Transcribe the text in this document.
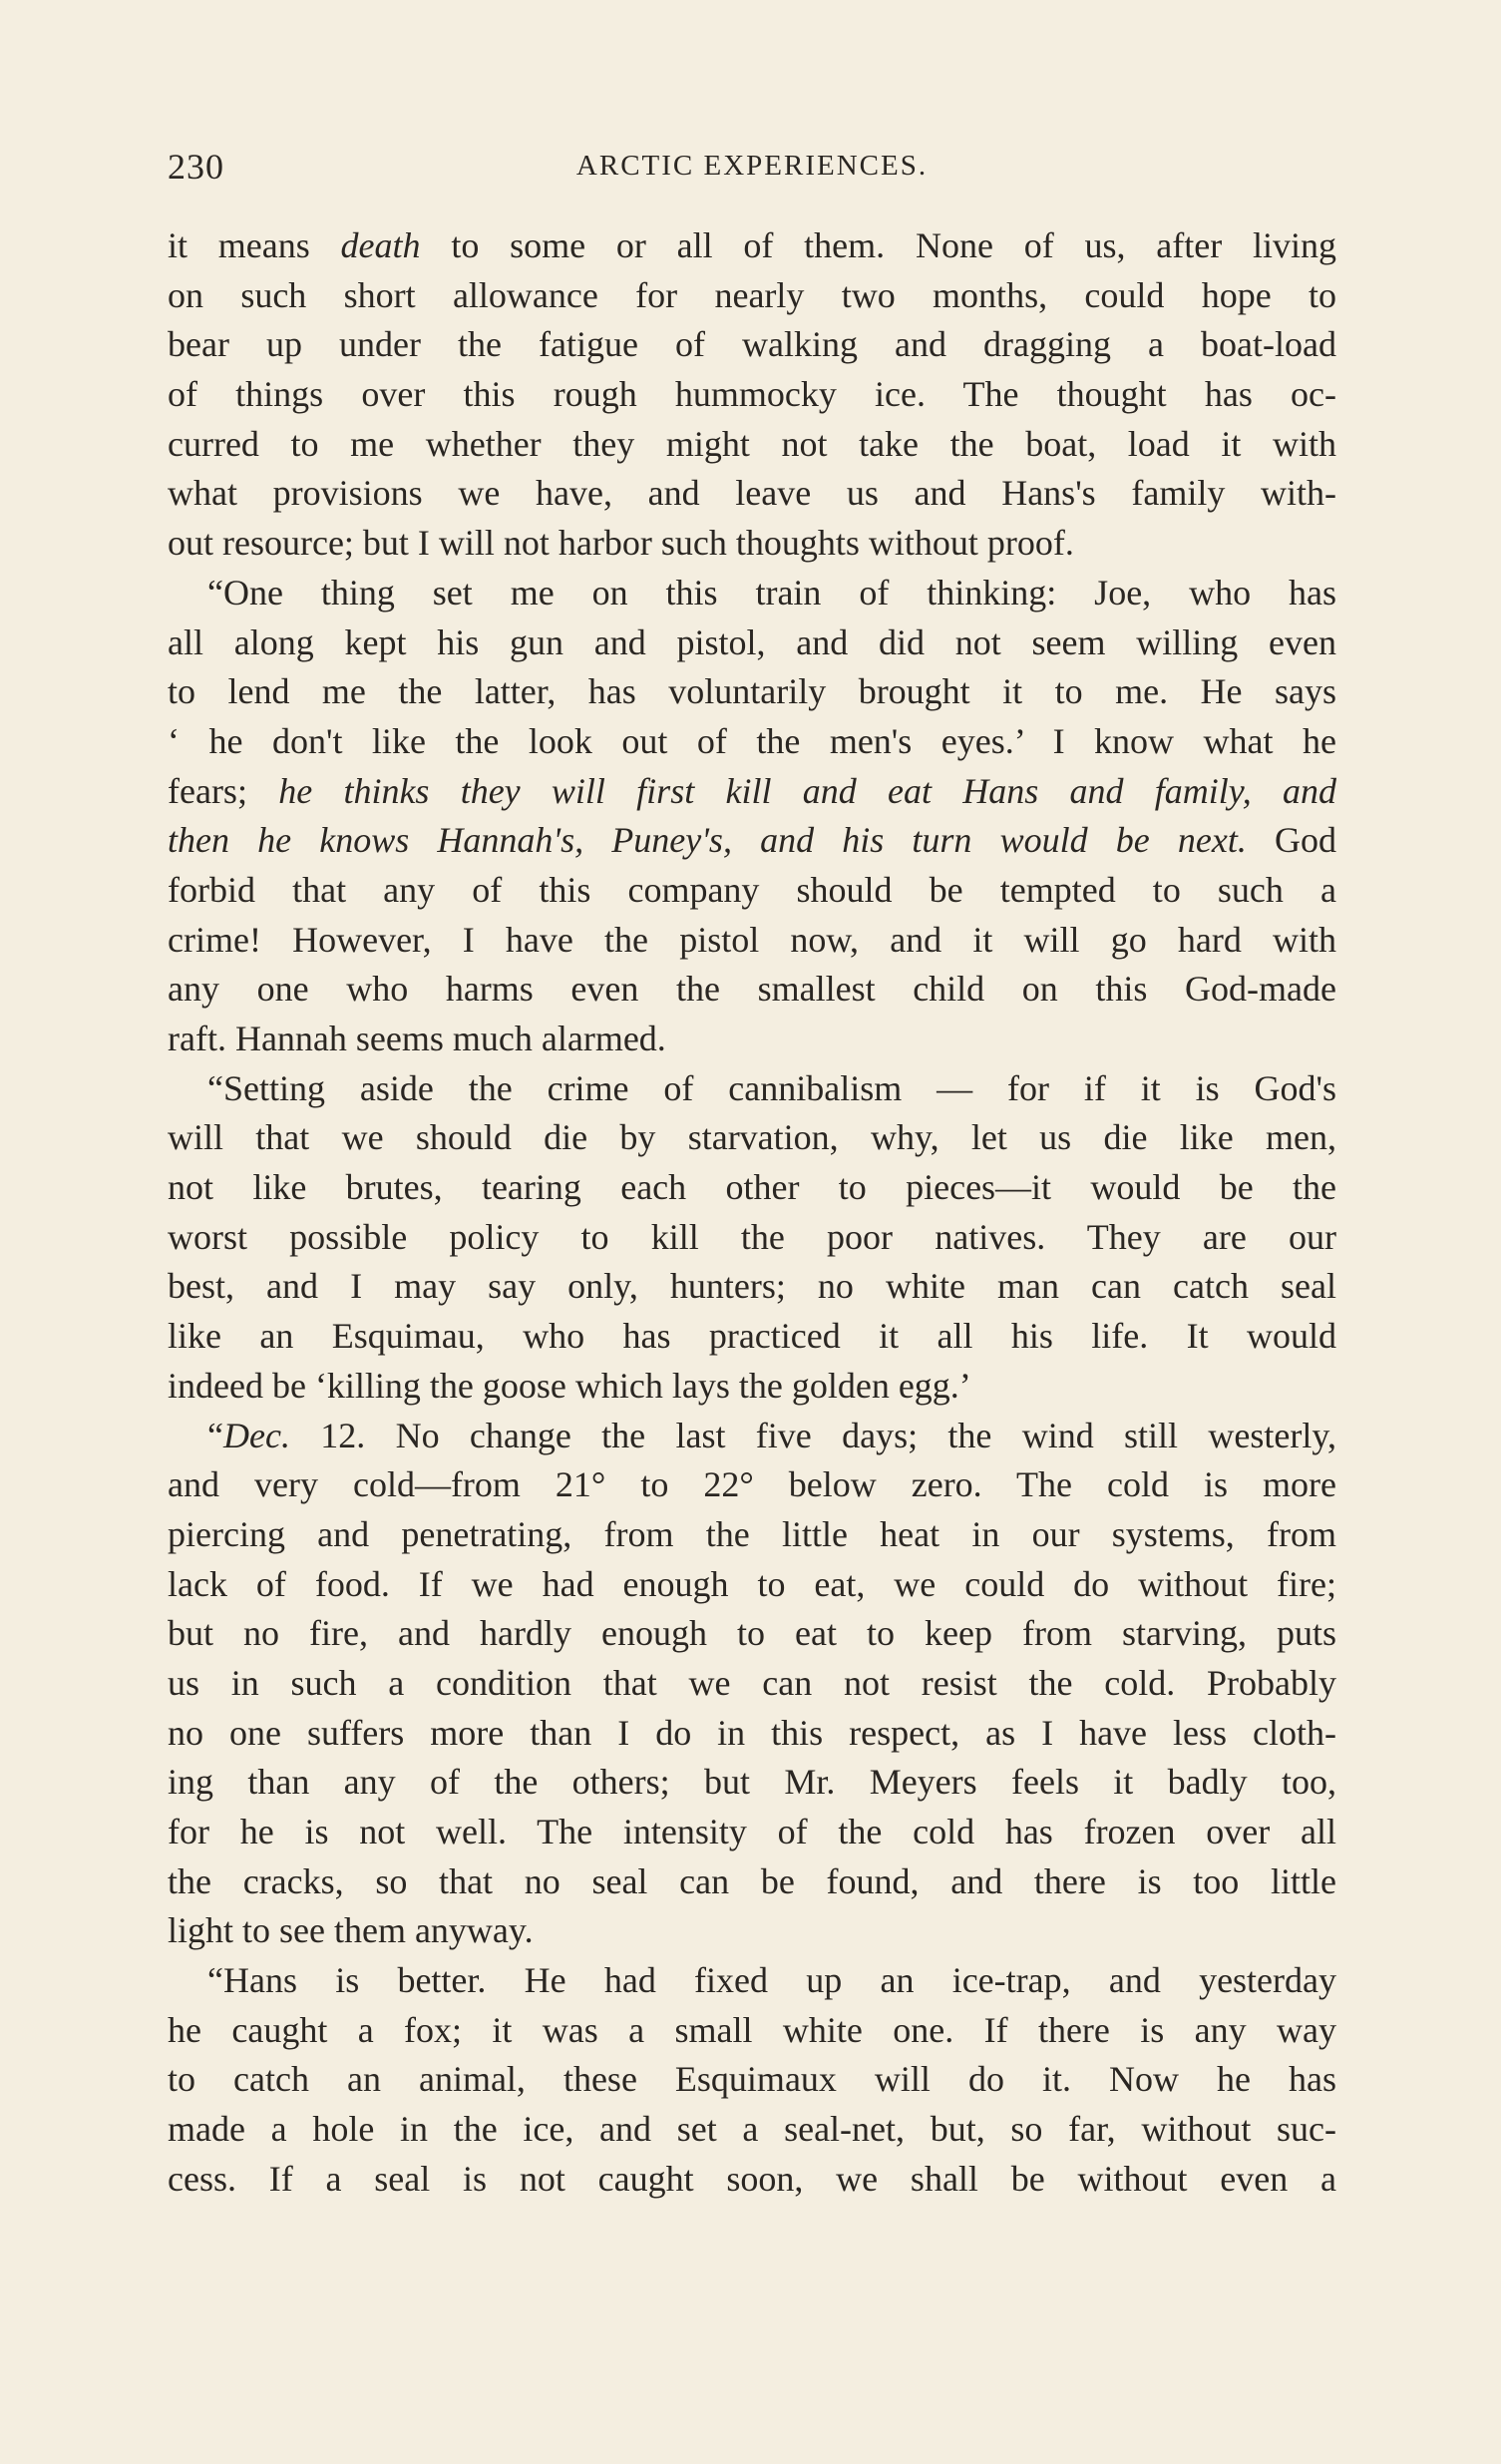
230	ARCTIC EXPERIENCES.
it means death to some or all of them. None of us, after living
on such short allowance for nearly two months, could hope to
bear up under the fatigue of walking and dragging a boat-load
of things over this rough hummocky ice. The thought has oc-
curred to me whether they might not take the boat, load it with
what provisions we have, and leave us and Hans's family with-
out resource; but I will not harbor such thoughts without proof.
“One thing set me on this train of thinking: Joe, who has
all along kept his gun and pistol, and did not seem willing even
to lend me the latter, has voluntarily brought it to me. He says
‘ he don't like the look out of the men's eyes.’ I know what he
fears; he thinks they will first kill and eat Hans and family, and
then he knows Hannah's, Puney's, and his turn would be next. God
forbid that any of this company should be tempted to such a
crime! However, I have the pistol now, and it will go hard with
any one who harms even the smallest child on this God-made
raft. Hannah seems much alarmed.
“Setting aside the crime of cannibalism — for if it is God's
will that we should die by starvation, why, let us die like men,
not like brutes, tearing each other to pieces—it would be the
worst possible policy to kill the poor natives. They are our
best, and I may say only, hunters; no white man can catch seal
like an Esquimau, who has practiced it all his life. It would
indeed be ‘killing the goose which lays the golden egg.’
“Dec. 12. No change the last five days; the wind still westerly,
and very cold—from 21° to 22° below zero. The cold is more
piercing and penetrating, from the little heat in our systems, from
lack of food. If we had enough to eat, we could do without fire;
but no fire, and hardly enough to eat to keep from starving, puts
us in such a condition that we can not resist the cold. Probably
no one suffers more than I do in this respect, as I have less cloth-
ing than any of the others; but Mr. Meyers feels it badly too,
for he is not well. The intensity of the cold has frozen over all
the cracks, so that no seal can be found, and there is too little
light to see them anyway.
“Hans is better. He had fixed up an ice-trap, and yesterday
he caught a fox; it was a small white one. If there is any way
to catch an animal, these Esquimaux will do it. Now he has
made a hole in the ice, and set a seal-net, but, so far, without suc-
cess. If a seal is not caught soon, we shall be without even a
